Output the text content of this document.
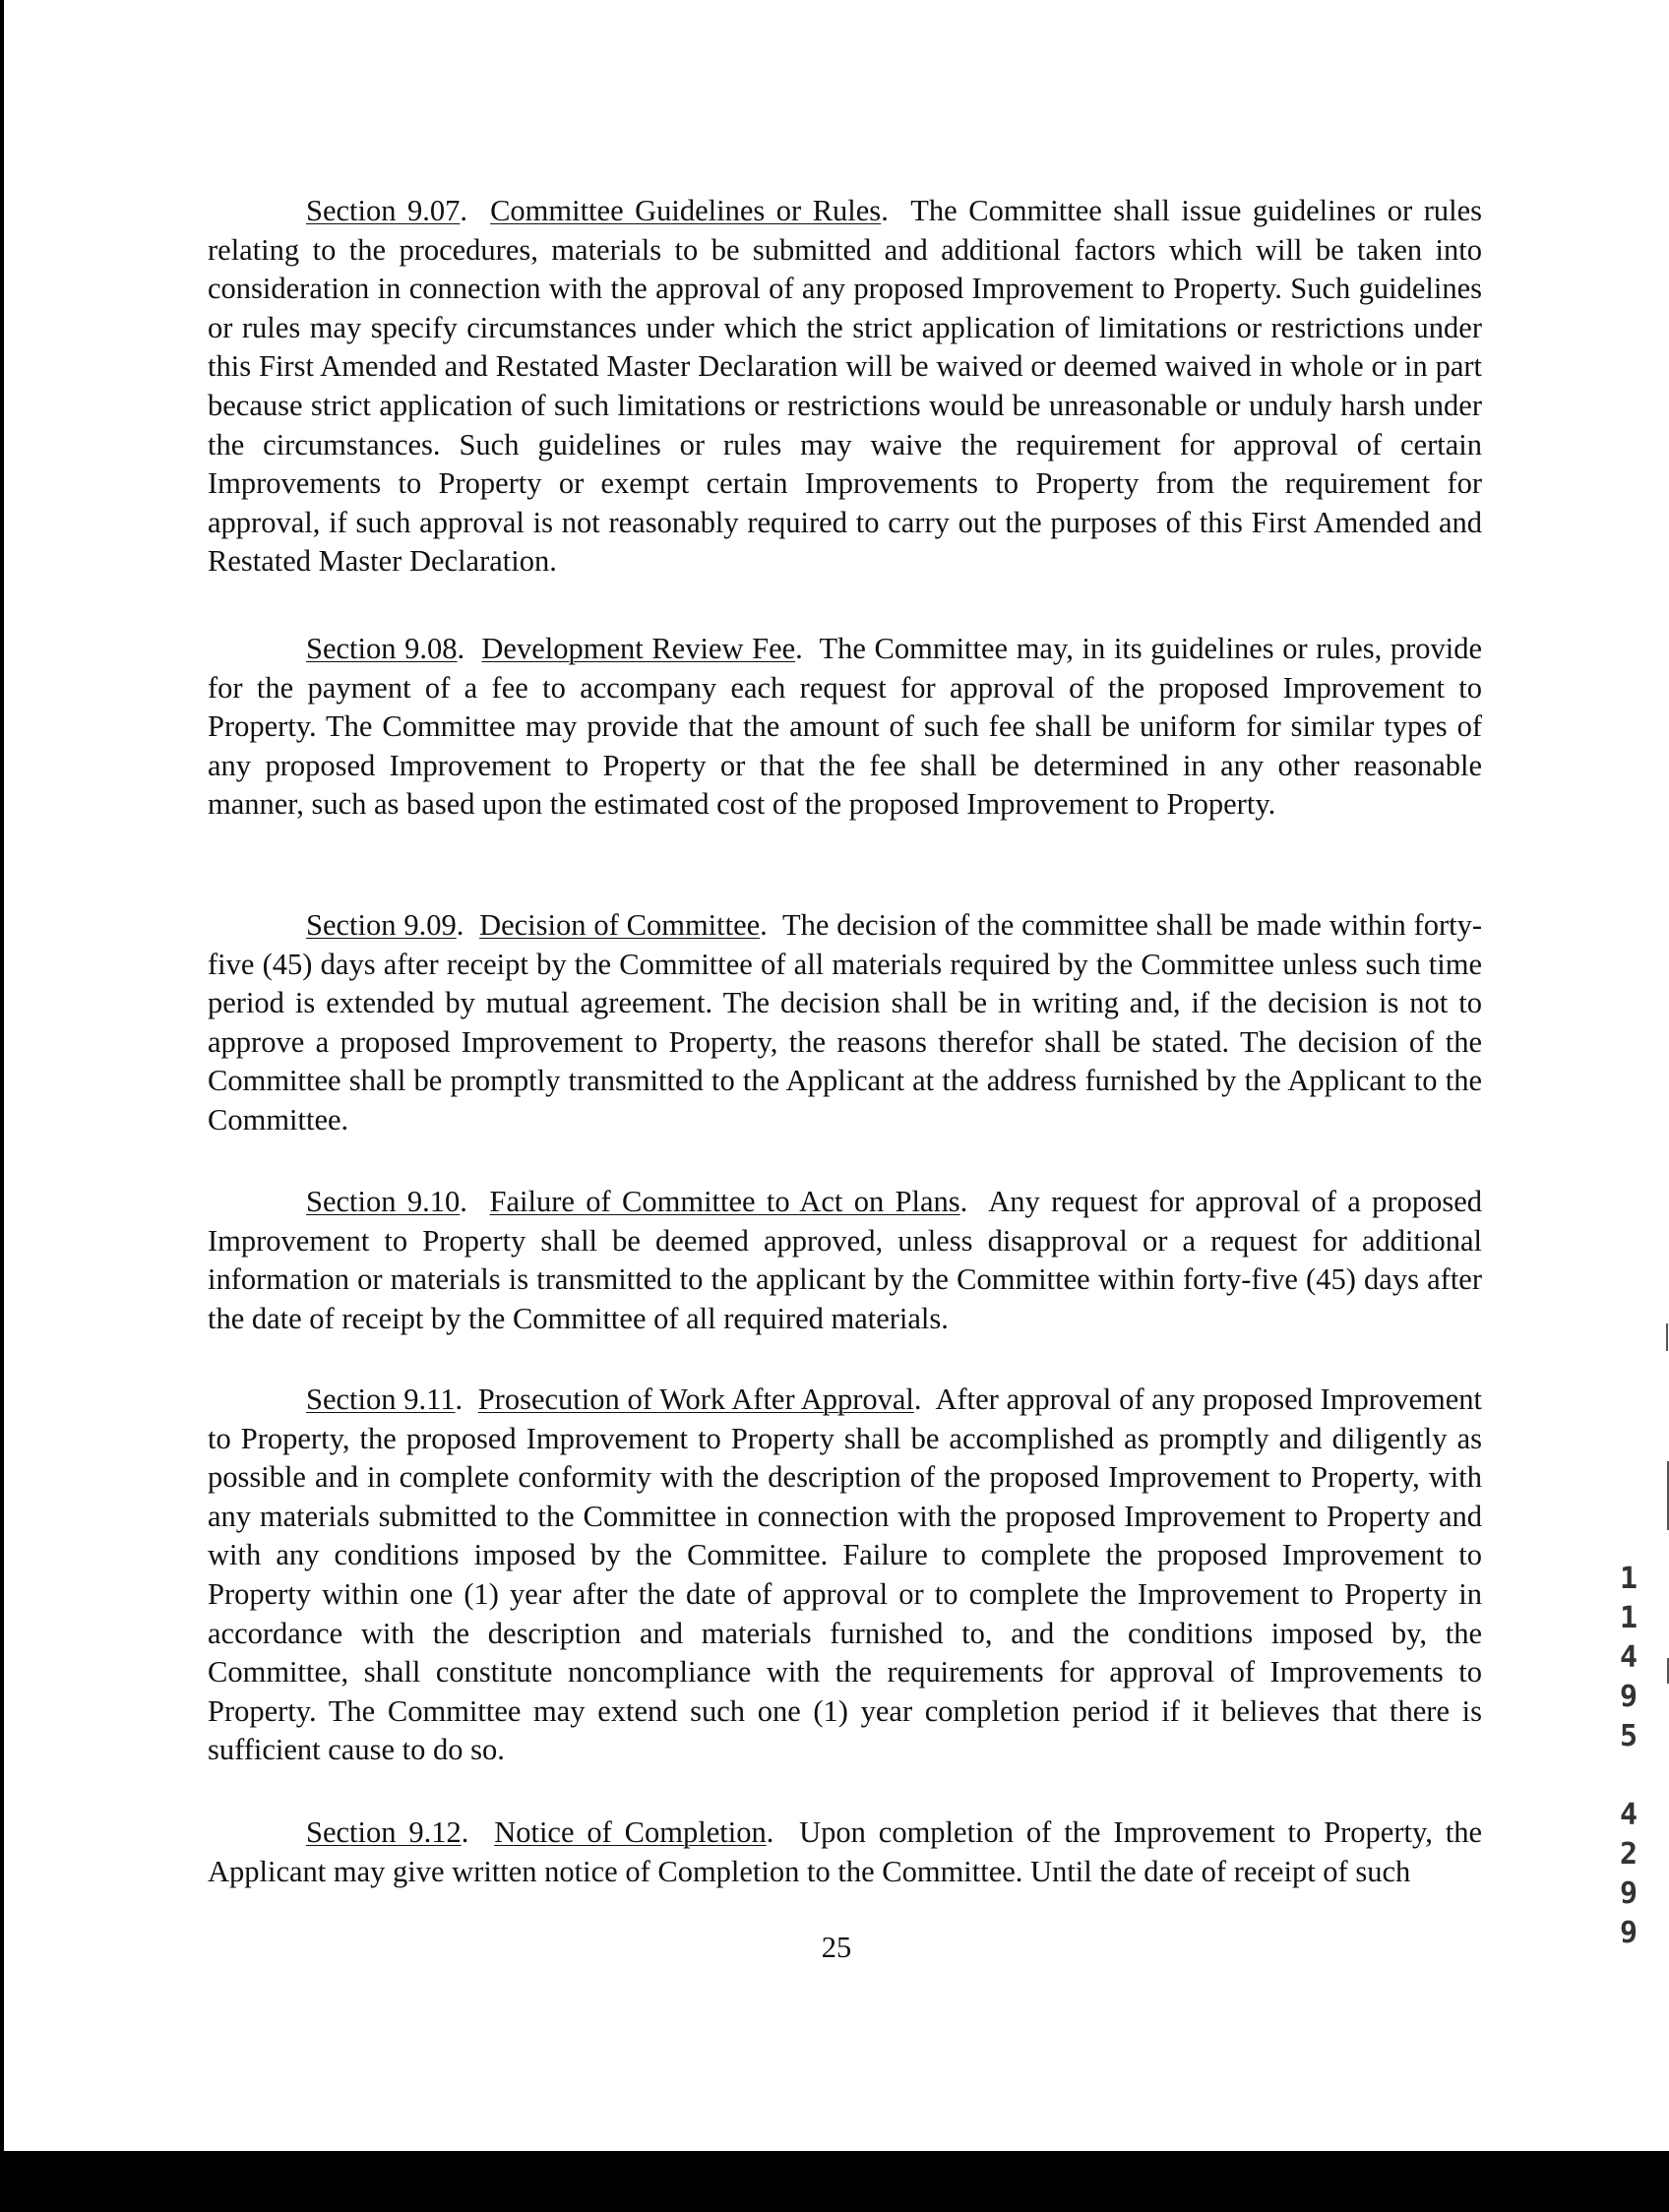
Section 9.07.  Committee Guidelines or Rules.  The Committee shall issue guidelines or rules relating to the procedures, materials to be submitted and additional factors which will be taken into consideration in connection with the approval of any proposed Improvement to Property. Such guidelines or rules may specify circumstances under which the strict application of limitations or restrictions under this First Amended and Restated Master Declaration will be waived or deemed waived in whole or in part because strict application of such limitations or restrictions would be unreasonable or unduly harsh under the circumstances. Such guidelines or rules may waive the requirement for approval of certain Improvements to Property or exempt certain Improvements to Property from the requirement for approval, if such approval is not reasonably required to carry out the purposes of this First Amended and Restated Master Declaration.

Section 9.08.  Development Review Fee.  The Committee may, in its guidelines or rules, provide for the payment of a fee to accompany each request for approval of the proposed Improvement to Property. The Committee may provide that the amount of such fee shall be uniform for similar types of any proposed Improvement to Property or that the fee shall be determined in any other reasonable manner, such as based upon the estimated cost of the proposed Improvement to Property.

Section 9.09.  Decision of Committee.  The decision of the committee shall be made within forty-five (45) days after receipt by the Committee of all materials required by the Committee unless such time period is extended by mutual agreement. The decision shall be in writing and, if the decision is not to approve a proposed Improvement to Property, the reasons therefor shall be stated. The decision of the Committee shall be promptly transmitted to the Applicant at the address furnished by the Applicant to the Committee.

Section 9.10.  Failure of Committee to Act on Plans.  Any request for approval of a proposed Improvement to Property shall be deemed approved, unless disapproval or a request for additional information or materials is transmitted to the applicant by the Committee within forty-five (45) days after the date of receipt by the Committee of all required materials.

Section 9.11.  Prosecution of Work After Approval.  After approval of any proposed Improvement to Property, the proposed Improvement to Property shall be accomplished as promptly and diligently as possible and in complete conformity with the description of the proposed Improvement to Property, with any materials submitted to the Committee in connection with the proposed Improvement to Property and with any conditions imposed by the Committee. Failure to complete the proposed Improvement to Property within one (1) year after the date of approval or to complete the Improvement to Property in accordance with the description and materials furnished to, and the conditions imposed by, the Committee, shall constitute noncompliance with the requirements for approval of Improvements to Property. The Committee may extend such one (1) year completion period if it believes that there is sufficient cause to do so.

Section 9.12.  Notice of Completion.  Upon completion of the Improvement to Property, the Applicant may give written notice of Completion to the Committee. Until the date of receipt of such

25
1
1
4
9
5

4
2
9
9
